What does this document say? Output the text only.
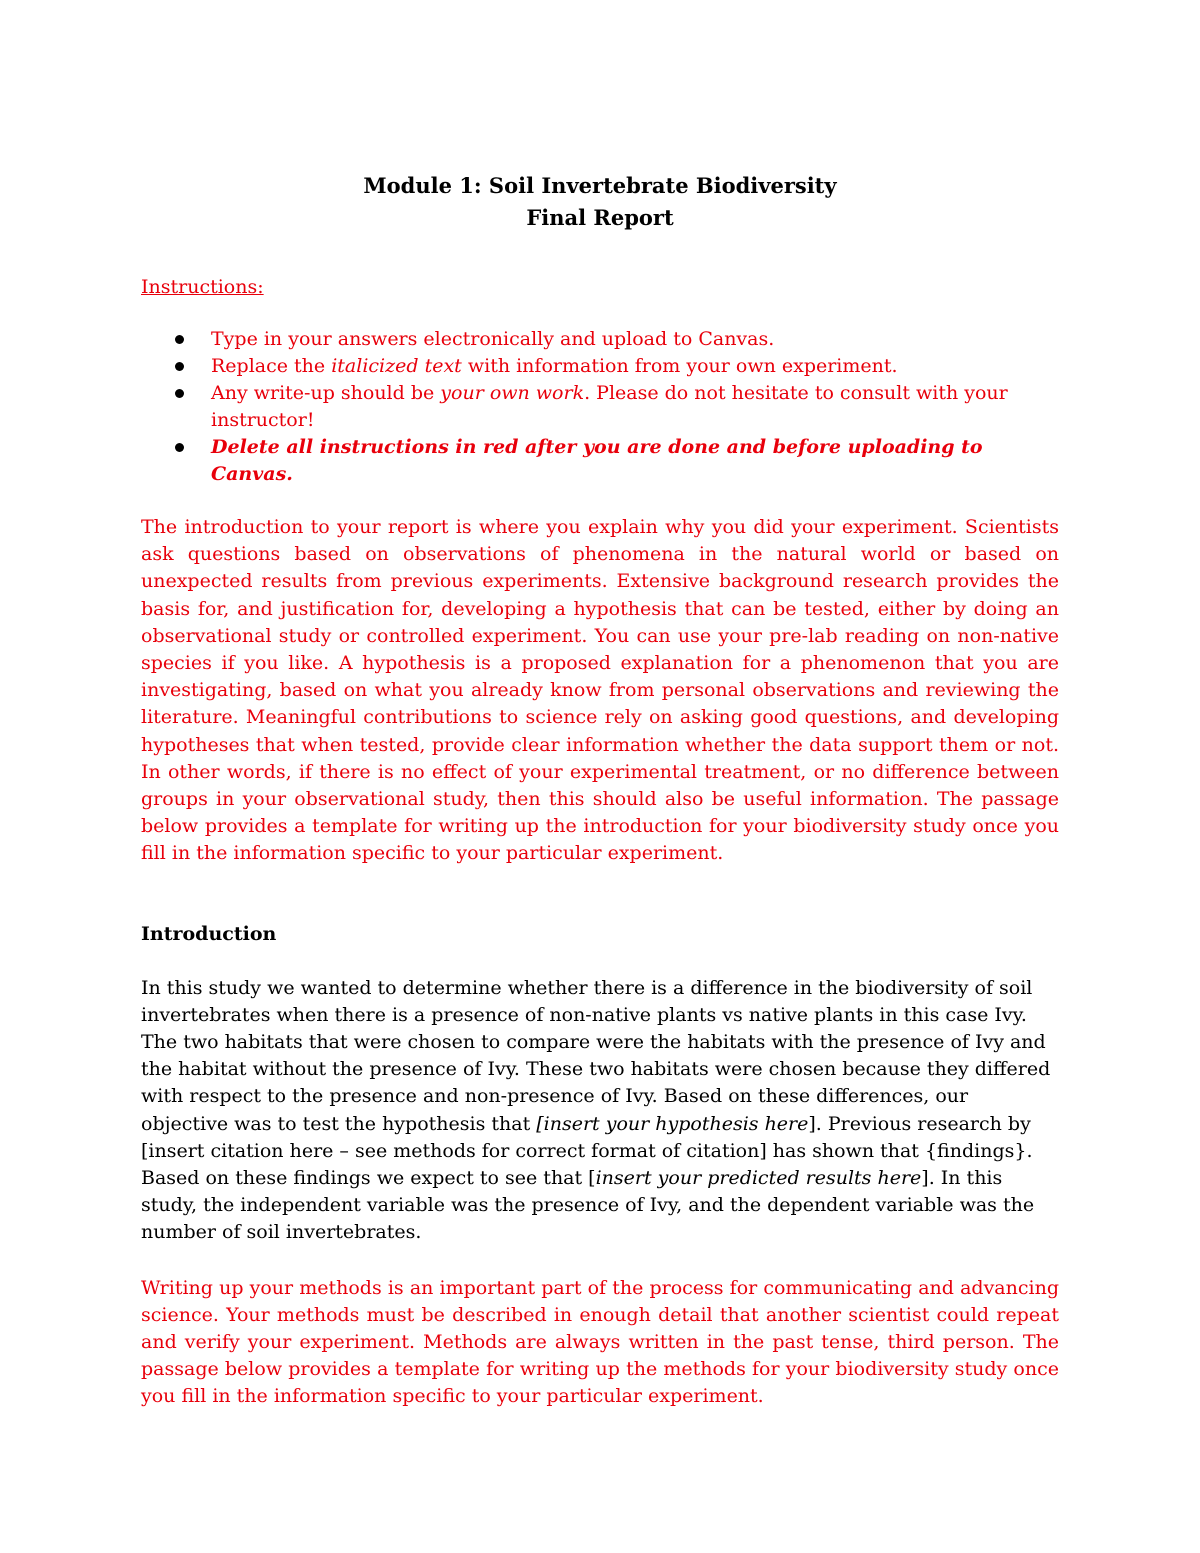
Module 1: Soil Invertebrate Biodiversity
Final Report

Instructions:
Type in your answers electronically and upload to Canvas.
Replace the italicized text with information from your own experiment.
Any write-up should be your own work. Please do not hesitate to consult with your instructor!
Delete all instructions in red after you are done and before uploading to Canvas.

The introduction to your report is where you explain why you did your experiment. Scientists ask questions based on observations of phenomena in the natural world or based on unexpected results from previous experiments. Extensive background research provides the basis for, and justification for, developing a hypothesis that can be tested, either by doing an observational study or controlled experiment. You can use your pre-lab reading on non-native species if you like. A hypothesis is a proposed explanation for a phenomenon that you are investigating, based on what you already know from personal observations and reviewing the literature. Meaningful contributions to science rely on asking good questions, and developing hypotheses that when tested, provide clear information whether the data support them or not. In other words, if there is no effect of your experimental treatment, or no difference between groups in your observational study, then this should also be useful information. The passage below provides a template for writing up the introduction for your biodiversity study once you fill in the information specific to your particular experiment.

Introduction

In this study we wanted to determine whether there is a difference in the biodiversity of soil invertebrates when there is a presence of non-native plants vs native plants in this case Ivy. The two habitats that were chosen to compare were the habitats with the presence of Ivy and the habitat without the presence of Ivy. These two habitats were chosen because they differed with respect to the presence and non-presence of Ivy. Based on these differences, our objective was to test the hypothesis that [insert your hypothesis here]. Previous research by [insert citation here – see methods for correct format of citation] has shown that {findings}. Based on these findings we expect to see that [insert your predicted results here]. In this study, the independent variable was the presence of Ivy, and the dependent variable was the number of soil invertebrates.

Writing up your methods is an important part of the process for communicating and advancing science. Your methods must be described in enough detail that another scientist could repeat and verify your experiment. Methods are always written in the past tense, third person. The passage below provides a template for writing up the methods for your biodiversity study once you fill in the information specific to your particular experiment.
